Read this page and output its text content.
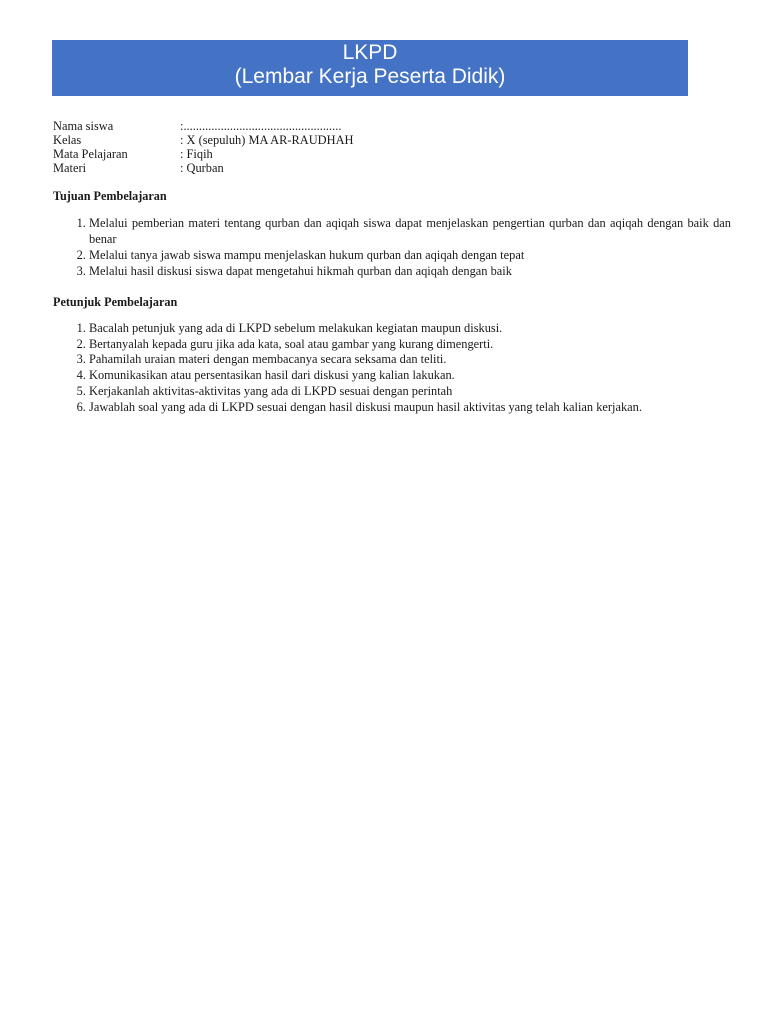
LKPD
(Lembar Kerja Peserta Didik)
Nama siswa	:...................................................
Kelas	: X (sepuluh) MA AR-RAUDHAH
Mata Pelajaran	: Fiqih
Materi	: Qurban
Tujuan Pembelajaran
1. Melalui pemberian materi tentang qurban dan aqiqah siswa dapat menjelaskan pengertian qurban dan aqiqah dengan baik dan benar
2. Melalui tanya jawab siswa mampu menjelaskan hukum qurban dan aqiqah dengan tepat
3. Melalui hasil diskusi siswa dapat mengetahui hikmah qurban dan aqiqah dengan baik
Petunjuk Pembelajaran
1. Bacalah petunjuk yang ada di LKPD sebelum melakukan kegiatan maupun diskusi.
2. Bertanyalah kepada guru jika ada kata, soal atau gambar yang kurang dimengerti.
3. Pahamilah uraian materi dengan membacanya secara seksama dan teliti.
4. Komunikasikan atau persentasikan hasil dari diskusi yang kalian lakukan.
5. Kerjakanlah aktivitas-aktivitas yang ada di LKPD sesuai dengan perintah
6. Jawablah soal yang ada di LKPD sesuai dengan hasil diskusi maupun hasil aktivitas yang telah kalian kerjakan.
